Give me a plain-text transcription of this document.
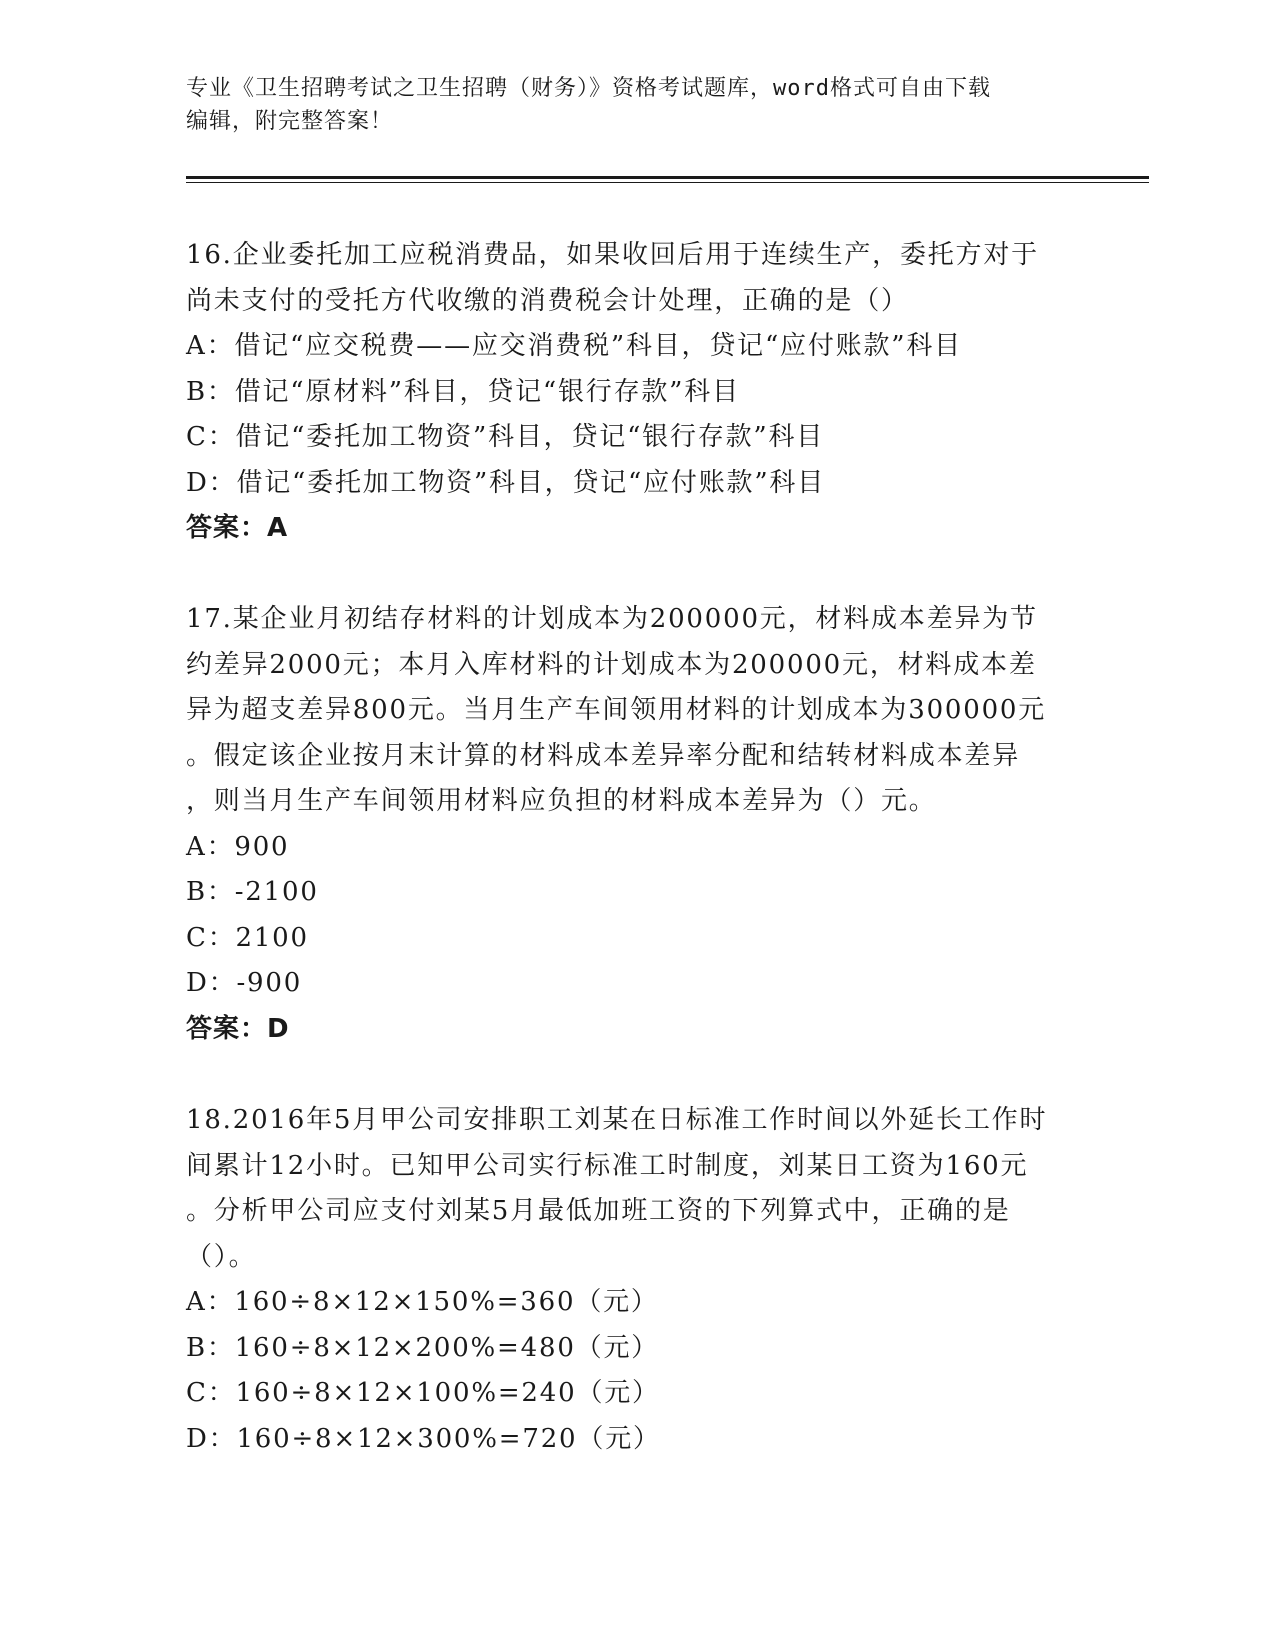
专业《卫生招聘考试之卫生招聘（财务）》资格考试题库，word格式可自由下载
编辑，附完整答案！
16.企业委托加工应税消费品，如果收回后用于连续生产，委托方对于
尚未支付的受托方代收缴的消费税会计处理，正确的是（）
A：借记“应交税费——应交消费税”科目，贷记“应付账款”科目
B：借记“原材料”科目，贷记“银行存款”科目
C：借记“委托加工物资”科目，贷记“银行存款”科目
D：借记“委托加工物资”科目，贷记“应付账款”科目
答案：A
17.某企业月初结存材料的计划成本为200000元，材料成本差异为节
约差异2000元；本月入库材料的计划成本为200000元，材料成本差
异为超支差异800元。当月生产车间领用材料的计划成本为300000元
。假定该企业按月末计算的材料成本差异率分配和结转材料成本差异
，则当月生产车间领用材料应负担的材料成本差异为（）元。
A：900
B：-2100
C：2100
D：-900
答案：D
18.2016年5月甲公司安排职工刘某在日标准工作时间以外延长工作时
间累计12小时。已知甲公司实行标准工时制度，刘某日工资为160元
。分析甲公司应支付刘某5月最低加班工资的下列算式中，正确的是
（）。
A：160÷8×12×150%=360（元）
B：160÷8×12×200%=480（元）
C：160÷8×12×100%=240（元）
D：160÷8×12×300%=720（元）
